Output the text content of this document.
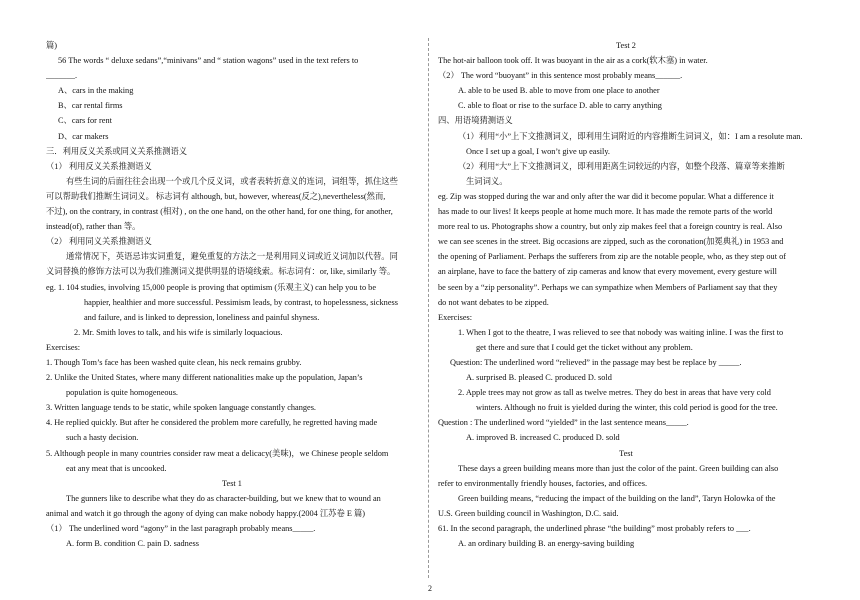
篇)
56 The words “ deluxe sedans”,“minivans” and “ station wagons” used in the text refers to
_______.
A、cars in the making
B、car rental firms
C、cars for rent
D、car makers
三．利用反义关系或同义关系推测语义
（1） 利用反义关系推测语义
有些生词的后面往往会出现一个或几个反义词，或者表转折意义的连词，词组等，抓住这些
可以帮助我们推断生词词义。 标志词有 although, but, however, whereas(反之),nevertheless(然而,
不过), on the contrary, in contrast (相对) , on the one hand, on the other hand, for one thing, for another,
instead(of), rather than 等。
（2） 利用同义关系推测语义
通常情况下，英语忌讳实词重复，避免重复的方法之一是利用同义词或近义词加以代替。同
义词替换的修饰方法可以为我们推测词义提供明显的语境线索。标志词有：or, like, similarly 等。
eg. 1. 104 studies, involving 15,000 people is proving that optimism (乐观主义) can help you to be
happier, healthier and more successful. Pessimism leads, by contrast, to hopelessness, sickness
and failure, and is linked to depression, loneliness and painful shyness.
2. Mr. Smith loves to talk, and his wife is similarly loquacious.
Exercises:
1. Though Tom’s face has been washed quite clean, his neck remains grubby.
2. Unlike the United States, where many different nationalities make up the population, Japan’s
population is quite homogeneous.
3. Written language tends to be static, while spoken language constantly changes.
4. He replied quickly. But after he considered the problem more carefully, he regretted having made
such a hasty decision.
5. Although people in many countries consider raw meat a delicacy(美味)，we Chinese people seldom
eat any meat that is uncooked.
Test 1
The gunners like to describe what they do as character-building, but we knew that to wound an
animal and watch it go through the agony of dying can make nobody happy.(2004 江苏卷 E 篇)
（1） The underlined word “agony” in the last paragraph probably means_____.
A. form B. condition C. pain D. sadness
Test 2
The hot-air balloon took off. It was buoyant in the air as a cork(软木塞) in water.
（2） The word “buoyant” in this sentence most probably means______.
A. able to be used B. able to move from one place to another
C. able to float or rise to the surface D. able to carry anything
四、用语境猜测语义
（1）利用“小”上下文推测词义，即利用生词附近的内容推断生词词义，如：I am a resolute man.
Once I set up a goal, I won’t give up easily.
（2）利用“大”上下文推测词义，即利用距离生词较远的内容，如整个段落、篇章等来推断
生词词义。
eg. Zip was stopped during the war and only after the war did it become popular. What a difference it
has made to our lives! It keeps people at home much more. It has made the remote parts of the world
more real to us. Photographs show a country, but only zip makes feel that a foreign country is real. Also
we can see scenes in the street. Big occasions are zipped, such as the coronation(加冕典礼) in 1953 and
the opening of Parliament. Perhaps the sufferers from zip are the notable people, who, as they step out of
an airplane, have to face the battery of zip cameras and know that every movement, every gesture will
be seen by a “zip personality”. Perhaps we can sympathize when Members of Parliament say that they
do not want debates to be zipped.
Exercises:
1. When I got to the theatre, I was relieved to see that nobody was waiting inline. I was the first to
get there and sure that I could get the ticket without any problem.
Question: The underlined word “relieved” in the passage may best be replace by _____.
A. surprised B. pleased C. produced D. sold
2. Apple trees may not grow as tall as twelve metres. They do best in areas that have very cold
winters. Although no fruit is yielded during the winter, this cold period is good for the tree.
Question : The underlined word “yielded” in the last sentence means_____.
A. improved B. increased C. produced D. sold
Test
These days a green building means more than just the color of the paint. Green building can also
refer to environmentally friendly houses, factories, and offices.
Green building means, “reducing the impact of the building on the land”, Taryn Holowka of the
U.S. Green building council in Washington, D.C. said.
61. In the second paragraph, the underlined phrase “the building” most probably refers to ___.
A. an ordinary building B. an energy-saving building
2
